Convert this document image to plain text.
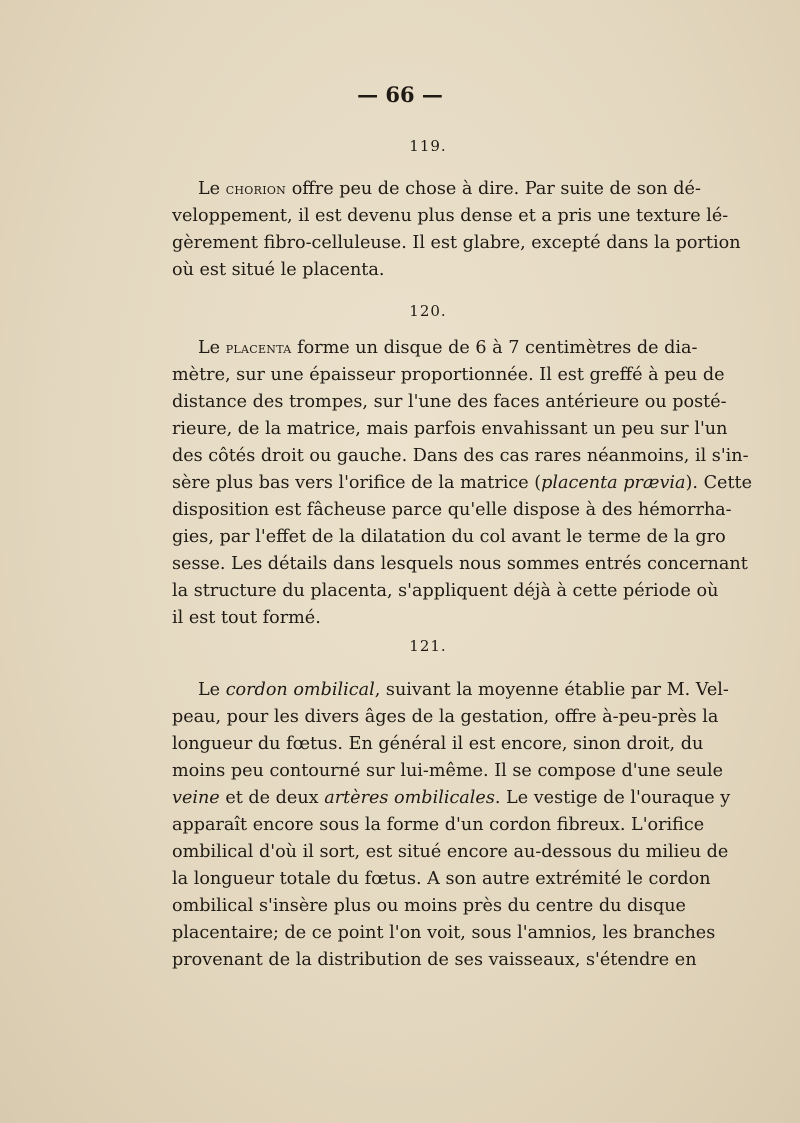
— 66 —
119.
Le chorion offre peu de chose à dire. Par suite de son dé-
veloppement, il est devenu plus dense et a pris une texture lé-
gèrement fibro-celluleuse. Il est glabre, excepté dans la portion
où est situé le placenta.
120.
Le placenta forme un disque de 6 à 7 centimètres de dia-
mètre, sur une épaisseur proportionnée. Il est greffé à peu de
distance des trompes, sur l'une des faces antérieure ou posté-
rieure, de la matrice, mais parfois envahissant un peu sur l'un
des côtés droit ou gauche. Dans des cas rares néanmoins, il s'in-
sère plus bas vers l'orifice de la matrice (placenta prævia). Cette
disposition est fâcheuse parce qu'elle dispose à des hémorrha-
gies, par l'effet de la dilatation du col avant le terme de la gro
sesse. Les détails dans lesquels nous sommes entrés concernant
la structure du placenta, s'appliquent déjà à cette période où
il est tout formé.
121.
Le cordon ombilical, suivant la moyenne établie par M. Vel-
peau, pour les divers âges de la gestation, offre à-peu-près la
longueur du fœtus. En général il est encore, sinon droit, du
moins peu contourné sur lui-même. Il se compose d'une seule
veine et de deux artères ombilicales. Le vestige de l'ouraque y
apparaît encore sous la forme d'un cordon fibreux. L'orifice
ombilical d'où il sort, est situé encore au-dessous du milieu de
la longueur totale du fœtus. A son autre extrémité le cordon
ombilical s'insère plus ou moins près du centre du disque
placentaire; de ce point l'on voit, sous l'amnios, les branches
provenant de la distribution de ses vaisseaux, s'étendre en
